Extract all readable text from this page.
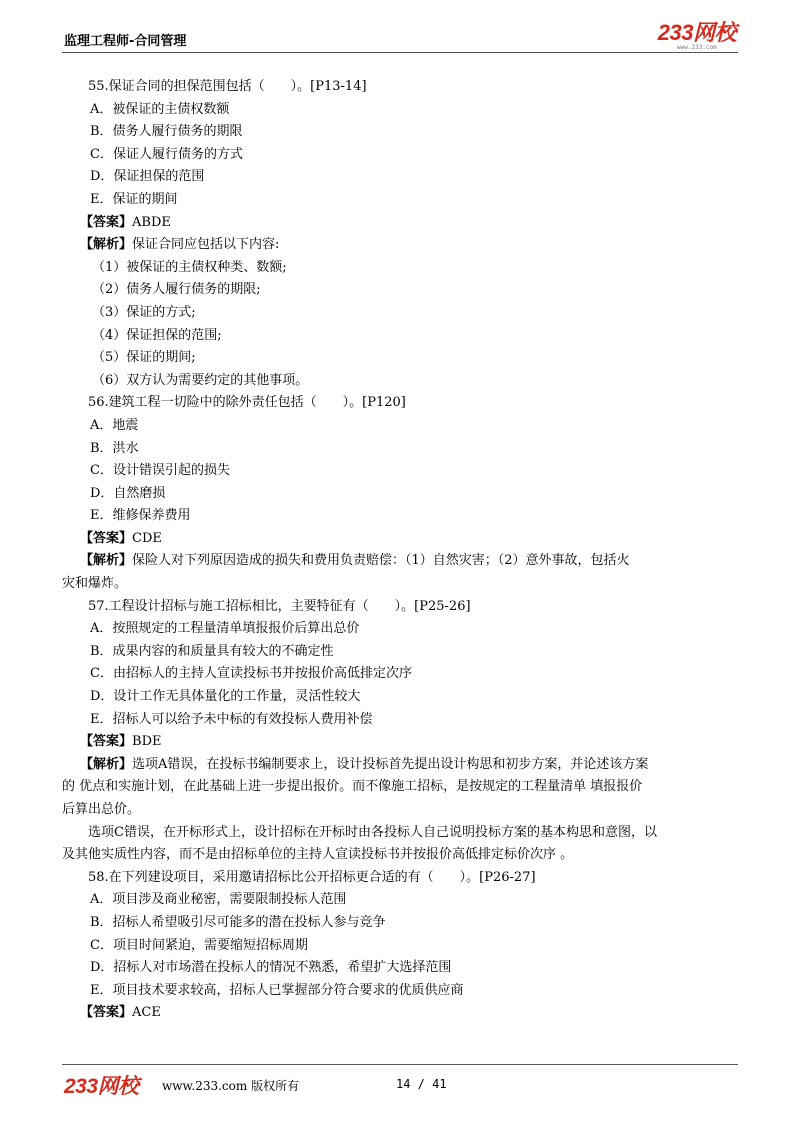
监理工程师-合同管理	233网校
www.233.com

55.保证合同的担保范围包括（　　）。[P13-14]

A．被保证的主债权数额

B．债务人履行债务的期限

C．保证人履行债务的方式

D．保证担保的范围

E．保证的期间

【答案】ABDE

【解析】保证合同应包括以下内容:

（1）被保证的主债权种类、数额;

（2）债务人履行债务的期限;

（3）保证的方式;

（4）保证担保的范围;

（5）保证的期间;

（6）双方认为需要约定的其他事项。

56.建筑工程一切险中的除外责任包括（　　）。[P120]

A．地震

B．洪水

C．设计错误引起的损失

D．自然磨损

E．维修保养费用

【答案】CDE

【解析】保险人对下列原因造成的损失和费用负责赔偿：（1）自然灾害；（2）意外事故，包括火

灾和爆炸。

57.工程设计招标与施工招标相比，主要特征有（　　）。[P25-26]

A．按照规定的工程量清单填报报价后算出总价

B．成果内容的和质量具有较大的不确定性

C．由招标人的主持人宣读投标书并按报价高低排定次序

D．设计工作无具体量化的工作量，灵活性较大

E．招标人可以给予未中标的有效投标人费用补偿

【答案】BDE

【解析】选项A错误，在投标书编制要求上，设计投标首先提出设计构思和初步方案，并论述该方案

的 优点和实施计划，在此基础上进一步提出报价。而不像施工招标，是按规定的工程量清单 填报报价

后算出总价。

选项C错误，在开标形式上，设计招标在开标时由各投标人自己说明投标方案的基本构思和意图，以

及其他实质性内容，而不是由招标单位的主持人宣读投标书并按报价高低排定标价次序 。

58.在下列建设项目，采用邀请招标比公开招标更合适的有（　　）。[P26-27]

A．项目涉及商业秘密，需要限制投标人范围

B．招标人希望吸引尽可能多的潜在投标人参与竞争

C．项目时间紧迫，需要缩短招标周期

D．招标人对市场潜在投标人的情况不熟悉，希望扩大选择范围

E．项目技术要求较高，招标人已掌握部分符合要求的优质供应商

【答案】ACE

233网校 www.233.com 版权所有	14 / 41
